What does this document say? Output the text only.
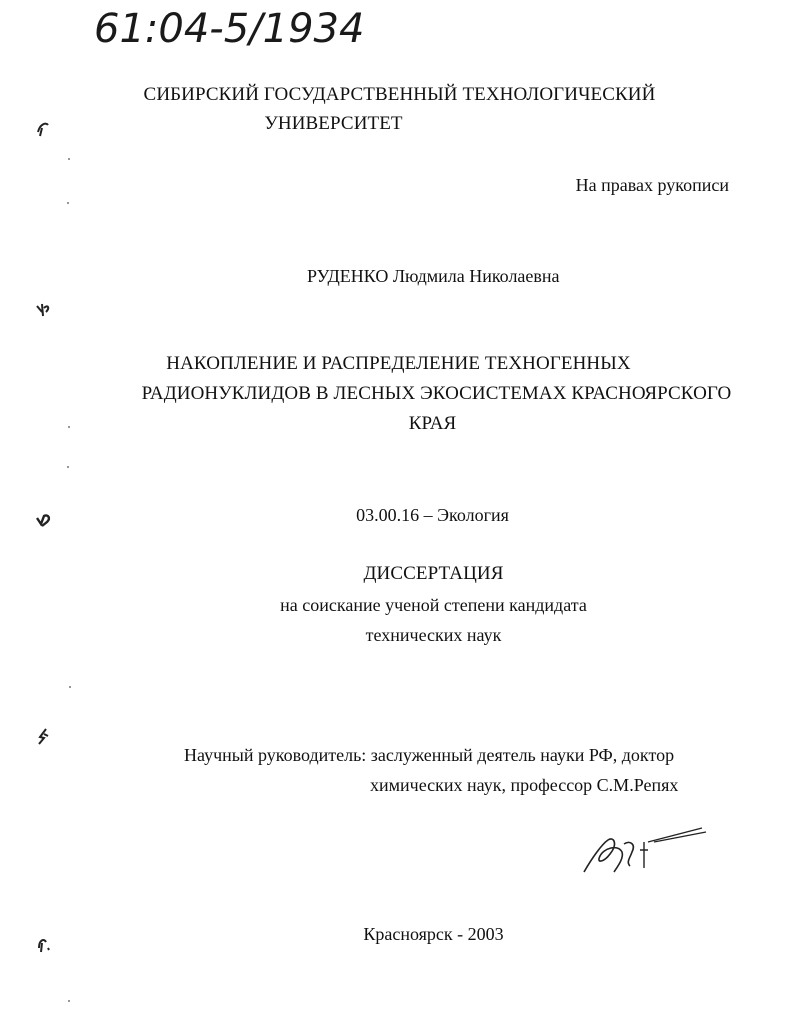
61:04-5/1934
СИБИРСКИЙ ГОСУДАРСТВЕННЫЙ ТЕХНОЛОГИЧЕСКИЙ
УНИВЕРСИТЕТ
На правах рукописи
РУДЕНКО Людмила Николаевна
НАКОПЛЕНИЕ И РАСПРЕДЕЛЕНИЕ ТЕХНОГЕННЫХ
РАДИОНУКЛИДОВ В ЛЕСНЫХ ЭКОСИСТЕМАХ КРАСНОЯРСКОГО
КРАЯ
03.00.16 – Экология
ДИССЕРТАЦИЯ
на соискание ученой степени кандидата
технических наук
Научный руководитель: заслуженный деятель науки РФ, доктор
химических наук, профессор С.М.Репях
Красноярск - 2003
